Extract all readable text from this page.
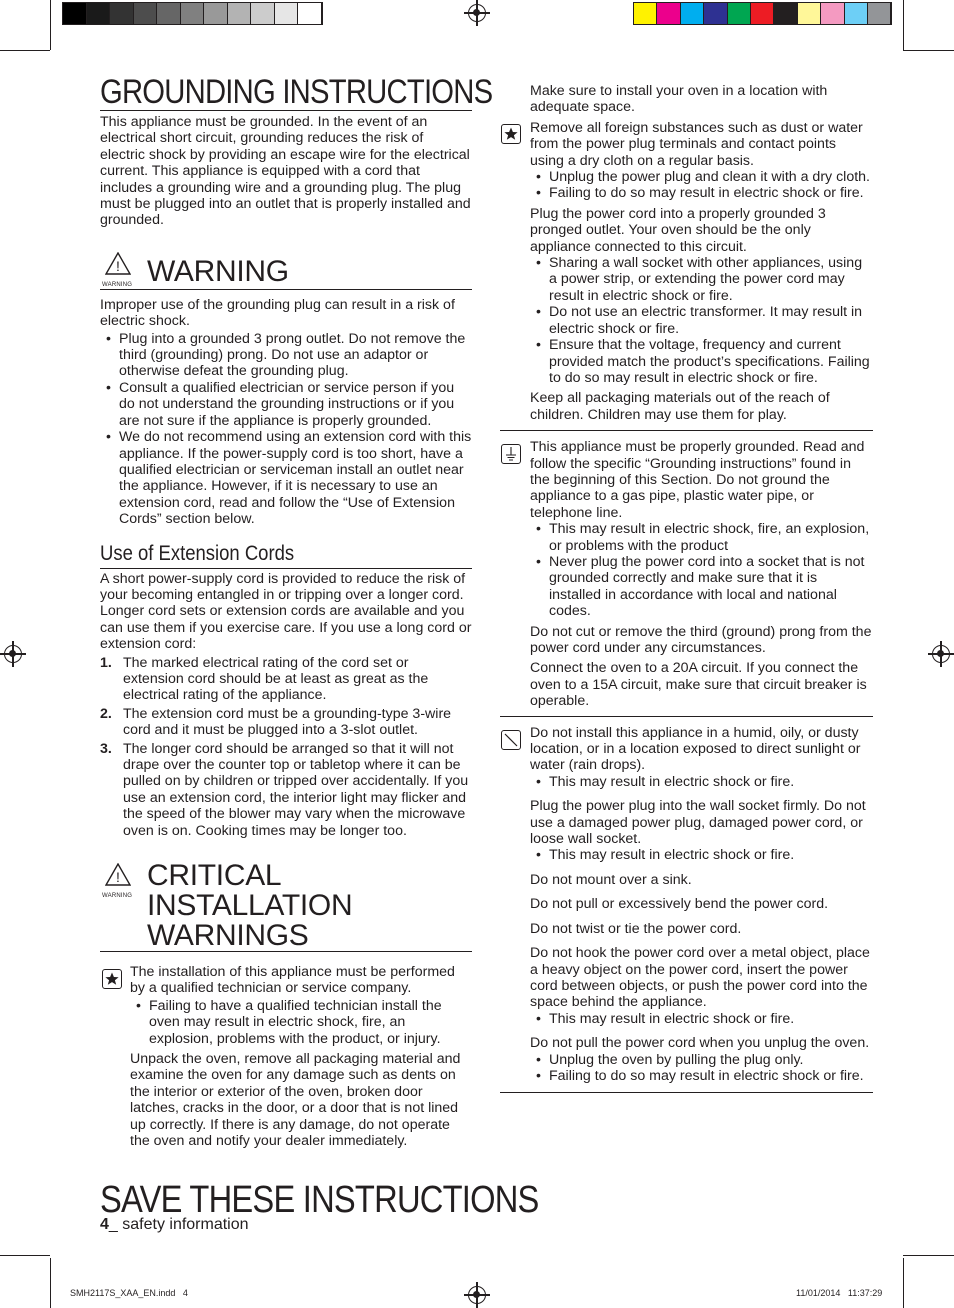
GROUNDING INSTRUCTIONS

This appliance must be grounded. In the event of an electrical short circuit, grounding reduces the risk of electric shock by providing an escape wire for the electrical current. This appliance is equipped with a cord that includes a grounding wire and a grounding plug. The plug must be plugged into an outlet that is properly installed and grounded.

!
WARNING WARNING

Improper use of the grounding plug can result in a risk of electric shock.

• Plug into a grounded 3 prong outlet. Do not remove the third (grounding) prong. Do not use an adaptor or otherwise defeat the grounding plug.
• Consult a qualified electrician or service person if you do not understand the grounding instructions or if you are not sure if the appliance is properly grounded.
• We do not recommend using an extension cord with this appliance. If the power-supply cord is too short, have a qualified electrician or serviceman install an outlet near the appliance. However, if it is necessary to use an extension cord, read and follow the “Use of Extension Cords” section below.
Use of Extension Cords

A short power-supply cord is provided to reduce the risk of your becoming entangled in or tripping over a longer cord. Longer cord sets or extension cords are available and you can use them if you exercise care. If you use a long cord or extension cord:

1. The marked electrical rating of the cord set or extension cord should be at least as great as the electrical rating of the appliance.
2. The extension cord must be a grounding-type 3-wire cord and it must be plugged into a 3-slot outlet.
3. The longer cord should be arranged so that it will not drape over the counter top or tabletop where it can be pulled on by children or tripped over accidentally. If you use an extension cord, the interior light may flicker and the speed of the blower may vary when the microwave oven is on. Cooking times may be longer too.
!
WARNING
CRITICAL INSTALLATION WARNINGS

The installation of this appliance must be performed by a qualified technician or service company.

• Failing to have a qualified technician install the oven may result in electric shock, fire, an explosion, problems with the product, or injury.

Unpack the oven, remove all packaging material and examine the oven for any damage such as dents on the interior or exterior of the oven, broken door latches, cracks in the door, or a door that is not lined up correctly. If there is any damage, do not operate the oven and notify your dealer immediately.

SAVE THESE INSTRUCTIONS
4_ safety information

Make sure to install your oven in a location with adequate space.

Remove all foreign substances such as dust or water from the power plug terminals and contact points using a dry cloth on a regular basis.

• Unplug the power plug and clean it with a dry cloth.
• Failing to do so may result in electric shock or fire.

Plug the power cord into a properly grounded 3 pronged outlet. Your oven should be the only appliance connected to this circuit.

• Sharing a wall socket with other appliances, using a power strip, or extending the power cord may result in electric shock or fire.
• Do not use an electric transformer. It may result in electric shock or fire.
• Ensure that the voltage, frequency and current provided match the product’s specifications. Failing to do so may result in electric shock or fire.

Keep all packaging materials out of the reach of children. Children may use them for play.

This appliance must be properly grounded. Read and follow the specific “Grounding instructions” found in the beginning of this Section. Do not ground the appliance to a gas pipe, plastic water pipe, or telephone line.

• This may result in electric shock, fire, an explosion, or problems with the product
• Never plug the power cord into a socket that is not grounded correctly and make sure that it is installed in accordance with local and national codes.

Do not cut or remove the third (ground) prong from the power cord under any circumstances.

Connect the oven to a 20A circuit. If you connect the oven to a 15A circuit, make sure that circuit breaker is operable.

Do not install this appliance in a humid, oily, or dusty location, or in a location exposed to direct sunlight or water (rain drops).

• This may result in electric shock or fire.

Plug the power plug into the wall socket firmly. Do not use a damaged power plug, damaged power cord, or loose wall socket.

• This may result in electric shock or fire.

Do not mount over a sink.

Do not pull or excessively bend the power cord.

Do not twist or tie the power cord.

Do not hook the power cord over a metal object, place a heavy object on the power cord, insert the power cord between objects, or push the power cord into the space behind the appliance.

• This may result in electric shock or fire.

Do not pull the power cord when you unplug the oven.

• Unplug the oven by pulling the plug only.
• Failing to do so may result in electric shock or fire.
SMH2117S_XAA_EN.indd   4	11/01/2014   11:37:29
